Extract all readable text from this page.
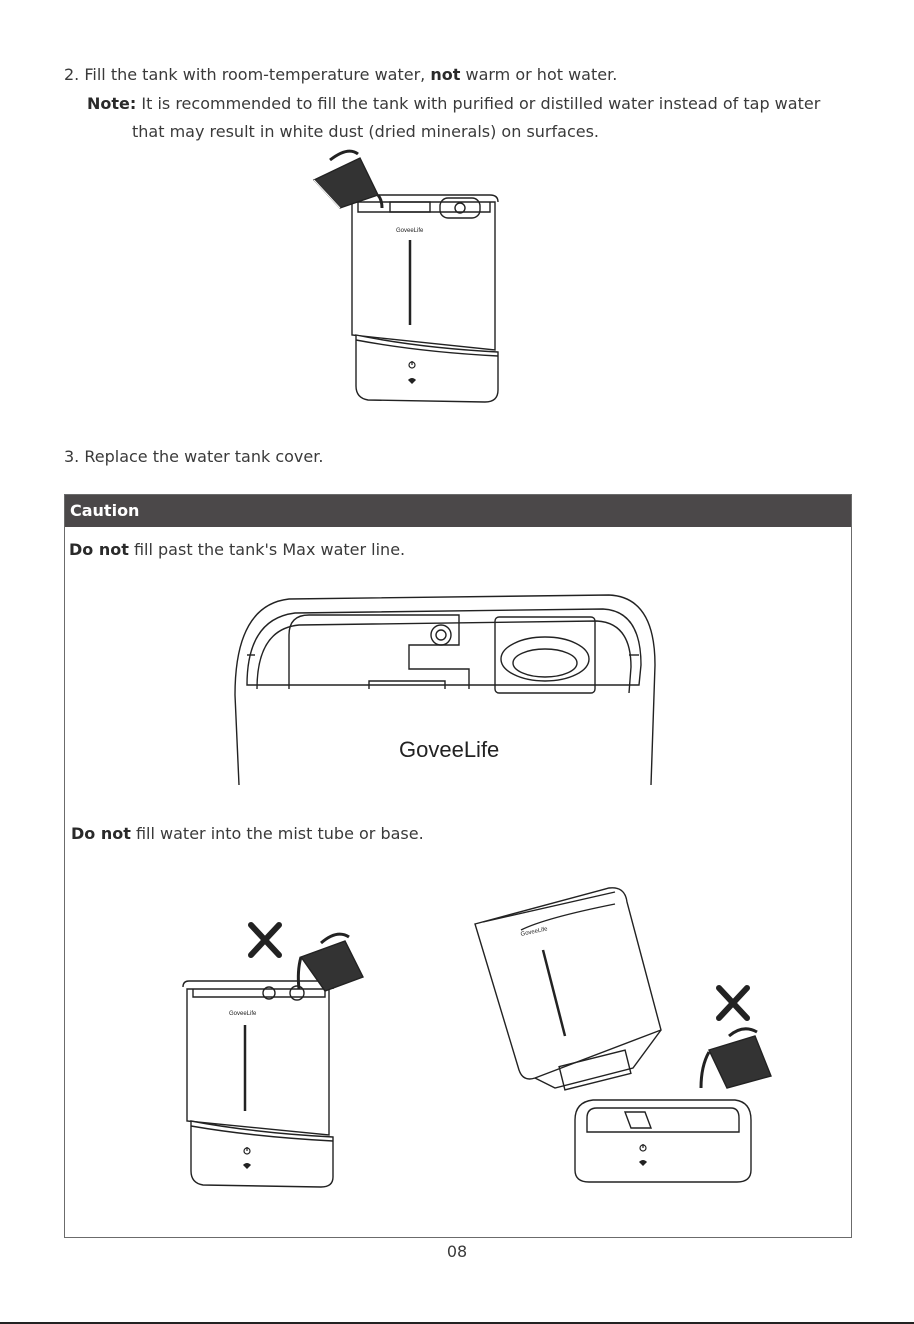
2. Fill the tank with room-temperature water, not warm or hot water.
Note: It is recommended to fill the tank with purified or distilled water instead of tap water
that may result in white dust (dried minerals) on surfaces.
GoveeLife
3. Replace the water tank cover.
Caution
Do not fill past the tank's Max water line.
GoveeLife
Do not fill water into the mist tube or base.
GoveeLife
GoveeLife
08
